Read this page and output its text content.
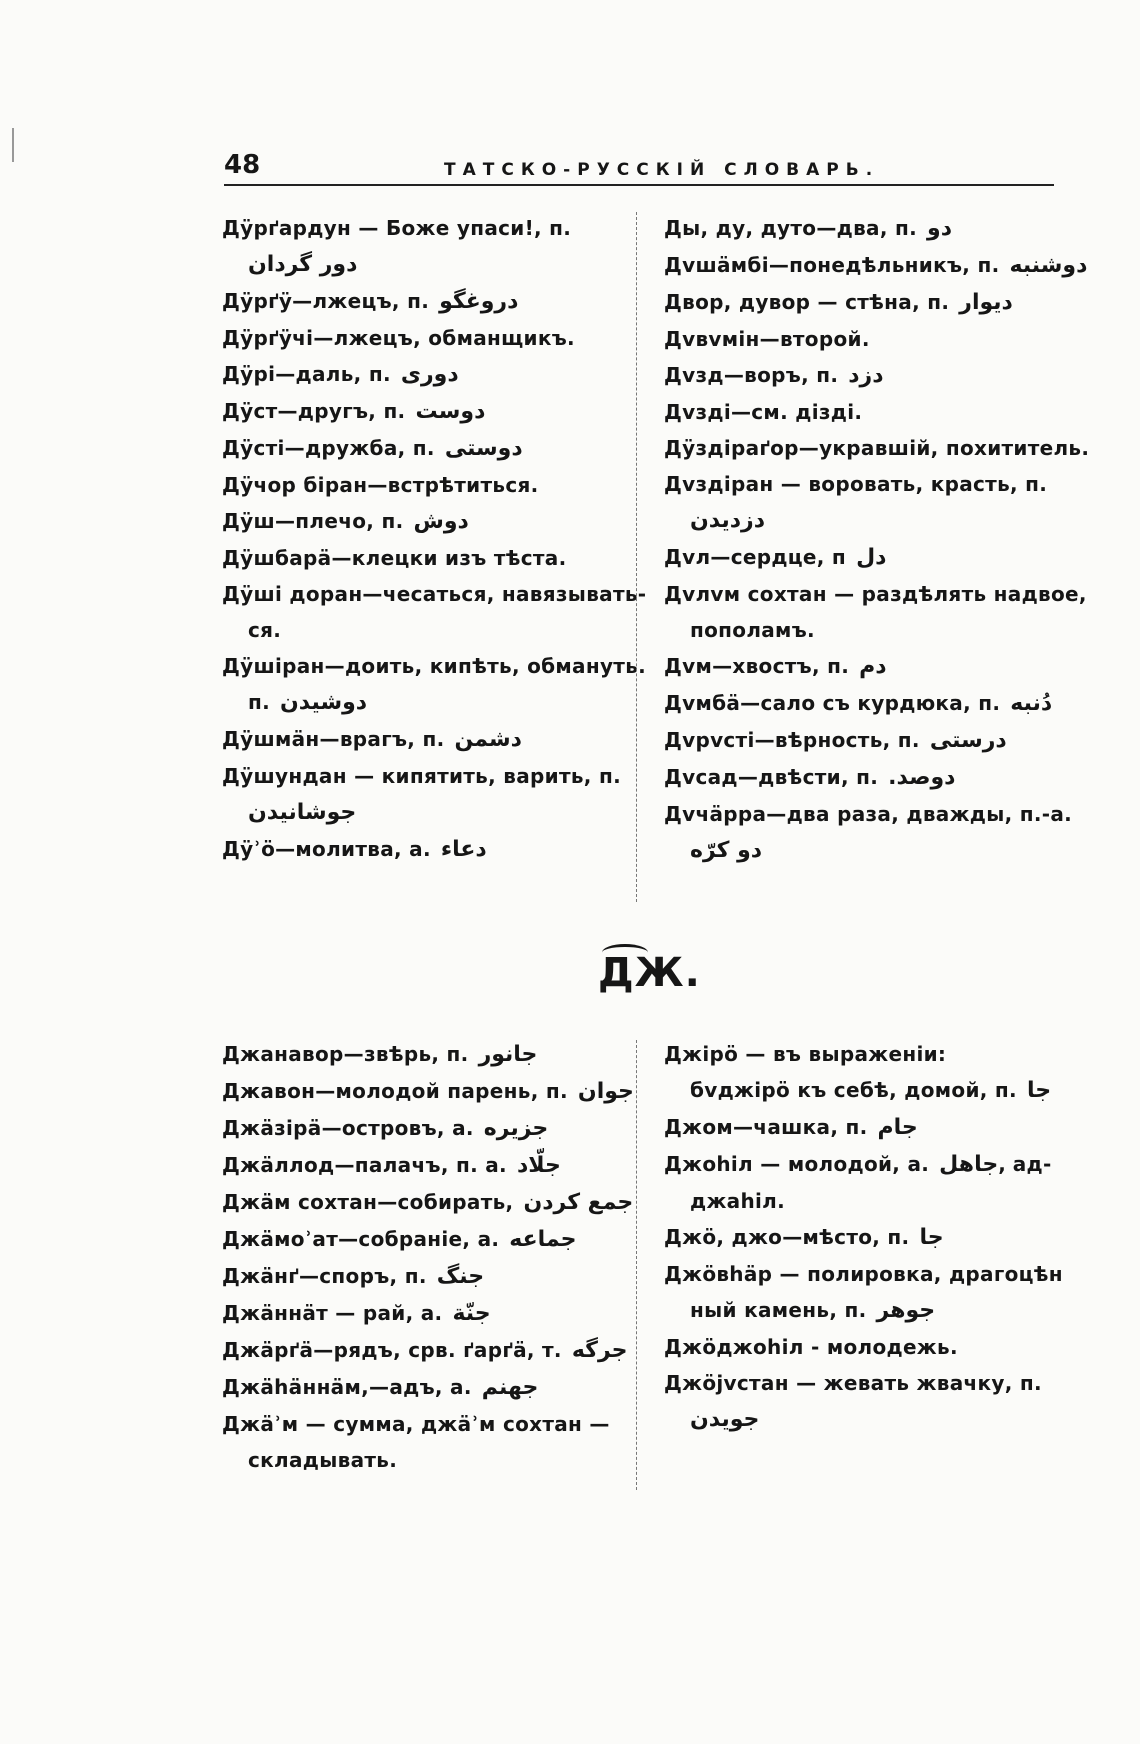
48	ТАТСКО-РУССКІЙ СЛОВАРЬ.
Дӱрґардун — Боже упаси!, п.
دور گردان
Дӱрґӱ—лжецъ, п. دروغگو
Дӱрґӱчі—лжецъ, обманщикъ.
Дӱрі—даль, п. دوری
Дӱст—другъ, п. دوست
Дӱсті—дружба, п. دوستی
Дӱчор біран—встрѣтиться.
Дӱш—плечо, п. دوش
Дӱшбарӓ—клецки изъ тѣста.
Дӱші доран—чесаться, навязывать-
ся.
Дӱшіран—доить, кипѣть, обмануть.
п. دوشیدن
Дӱшмӓн—врагъ, п. دشمن
Дӱшундан — кипятить, варить, п.
جوشانیدن
Дӱʾӧ—молитва, а. دعاء
Ды, ду, дуто—два, п. دو
Дvшӓмбі—понедѣльникъ, п. دوشنبه
Двор, дувор — стѣна, п. دیوار
Дvвvмін—второй.
Дvзд—воръ, п. دزد
Дvзді—см. дізді.
Дӱздіраґор—укравшій, похититель.
Дvздіран — воровать, красть, п.
دزدیدن
Дvл—сердце, п دل
Дvлvм сохтан — раздѣлять надвое,
пополамъ.
Дvм—хвостъ, п. دم
Дvмбӓ—сало съ курдюка, п. دُنبه
Дvрvсті—вѣрность, п. درستی
Дvсад—двѣсти, п. دوصد.
Дvчӓрра—два раза, дважды, п.-а.
دو کرّه
ДЖ.
Джанавор—звѣрь, п. جانور
Джавон—молодой парень, п. جوان
Джӓзірӓ—островъ, а. جزیره
Джӓллод—палачъ, п. а. جلّاد
Джӓм сохтан—собирать, جمع کردن
Джӓмоʾат—собраніе, а. جماعه
Джӓнґ—споръ, п. جنگ
Джӓннӓт — рай, а. جنّة
Джӓрґӓ—рядъ, срв. ґарґӓ, т. جرگه
Джӓһӓннӓм,—адъ, а. جهنم
Джӓʾм — сумма, джӓʾм сохтан —
складывать.
Джірӧ — въ выраженіи:
бvджірӧ къ себѣ, домой, п. جا
Джом—чашка, п. جام
Джоһіл — молодой, а. جاهل, ад-
джаһіл.
Джӧ, джо—мѣсто, п. جا
Джӧвһӓр — полировка, драгоцѣн
ный камень, п. جوهر
Джӧджоһіл - молодежь.
Джӧјvстан — жевать жвачку, п.
جویدن
